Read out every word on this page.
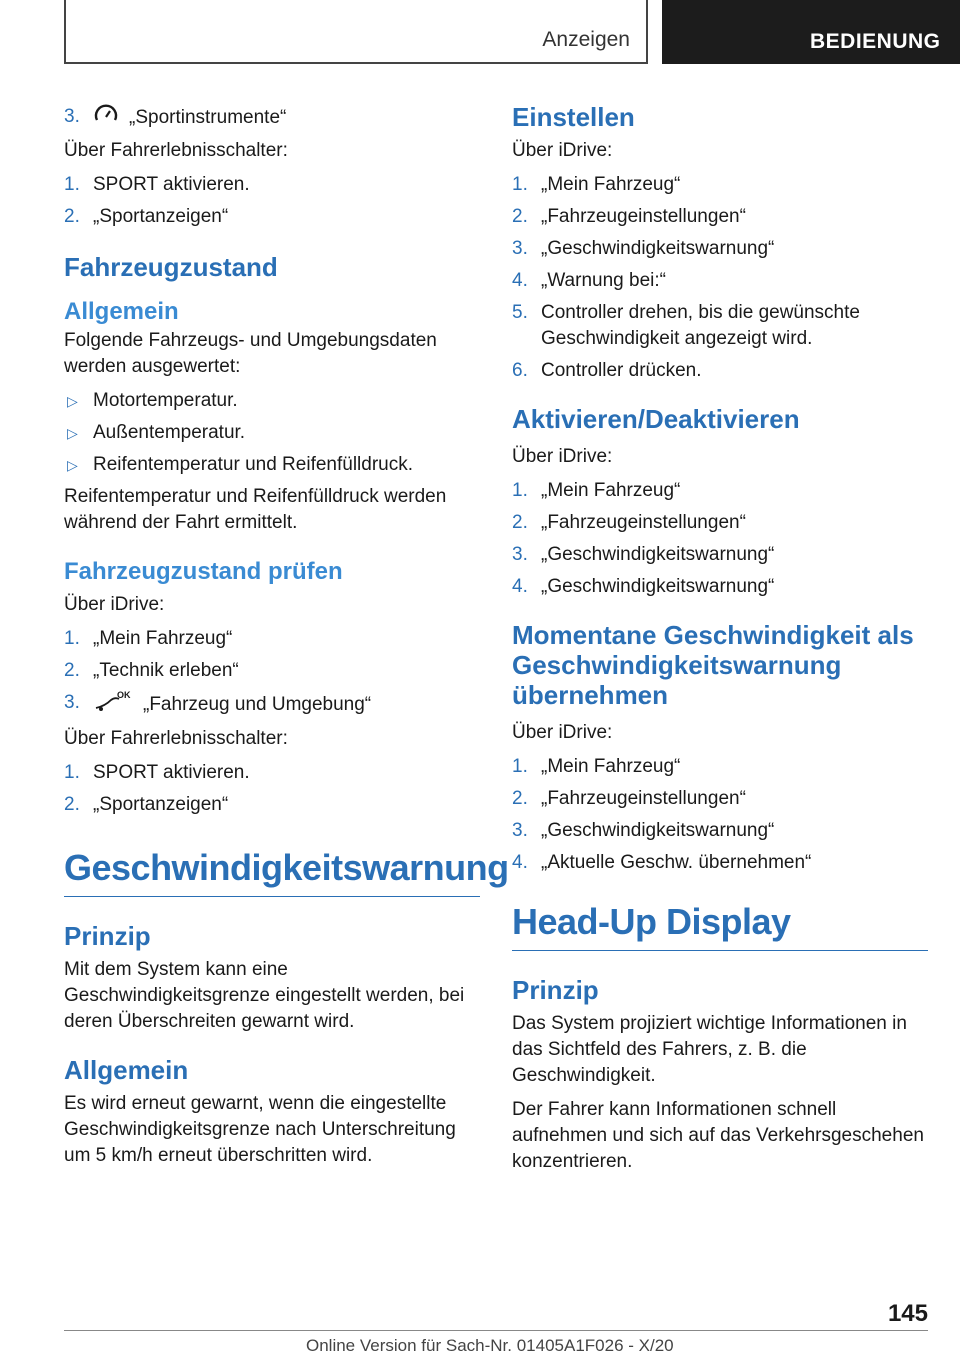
Anzeigen	BEDIENUNG
3.	„Sportinstrumente“

Über Fahrerlebnisschalter:

1. SPORT aktivieren.
2. „Sportanzeigen“
Fahrzeugzustand
Allgemein

Folgende Fahrzeugs- und Umgebungsdaten werden ausgewertet:

▷ Motortemperatur.
▷ Außentemperatur.
▷ Reifentemperatur und Reifenfülldruck.

Reifentemperatur und Reifenfülldruck werden während der Fahrt ermittelt.

Fahrzeugzustand prüfen

Über iDrive:

1. „Mein Fahrzeug“
2. „Technik erleben“
3.	OK „Fahrzeug und Umgebung“

Über Fahrerlebnisschalter:

1. SPORT aktivieren.
2. „Sportanzeigen“
Geschwindigkeitswarnung
Prinzip

Mit dem System kann eine Geschwindigkeitsgrenze eingestellt werden, bei deren Überschreiten gewarnt wird.

Allgemein

Es wird erneut gewarnt, wenn die eingestellte Geschwindigkeitsgrenze nach Unterschreitung um 5 km/h erneut überschritten wird.

Einstellen

Über iDrive:

1. „Mein Fahrzeug“
2. „Fahrzeugeinstellungen“
3. „Geschwindigkeitswarnung“
4. „Warnung bei:“
5. Controller drehen, bis die gewünschte Geschwindigkeit angezeigt wird.
6. Controller drücken.
Aktivieren/Deaktivieren

Über iDrive:

1. „Mein Fahrzeug“
2. „Fahrzeugeinstellungen“
3. „Geschwindigkeitswarnung“
4. „Geschwindigkeitswarnung“
Momentane Geschwindigkeit als Geschwindigkeitswarnung übernehmen

Über iDrive:

1. „Mein Fahrzeug“
2. „Fahrzeugeinstellungen“
3. „Geschwindigkeitswarnung“
4. „Aktuelle Geschw. übernehmen“
Head-Up Display
Prinzip

Das System projiziert wichtige Informationen in das Sichtfeld des Fahrers, z. B. die Geschwindigkeit.

Der Fahrer kann Informationen schnell aufnehmen und sich auf das Verkehrsgeschehen konzentrieren.

145
Online Version für Sach-Nr. 01405A1F026 - X/20
